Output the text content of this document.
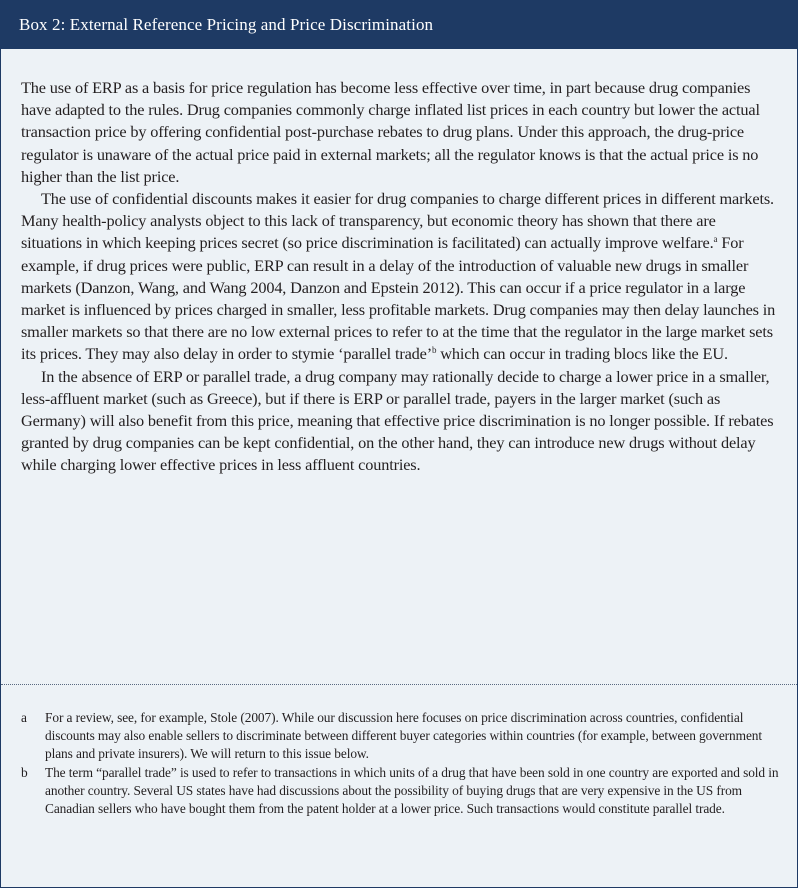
Box 2: External Reference Pricing and Price Discrimination

The use of ERP as a basis for price regulation has become less effective over time, in part because drug companies have adapted to the rules. Drug companies commonly charge inflated list prices in each country but lower the actual transaction price by offering confidential post-purchase rebates to drug plans. Under this approach, the drug-price regulator is unaware of the actual price paid in external markets; all the regulator knows is that the actual price is no higher than the list price.

The use of confidential discounts makes it easier for drug companies to charge different prices in different markets. Many health-policy analysts object to this lack of transparency, but economic theory has shown that there are situations in which keeping prices secret (so price discrimination is facilitated) can actually improve welfare.$^a$ For example, if drug prices were public, ERP can result in a delay of the introduction of valuable new drugs in smaller markets (Danzon, Wang, and Wang 2004, Danzon and Epstein 2012). This can occur if a price regulator in a large market is influenced by prices charged in smaller, less profitable markets. Drug companies may then delay launches in smaller markets so that there are no low external prices to refer to at the time that the regulator in the large market sets its prices. They may also delay in order to stymie ‘parallel trade’$^b$ which can occur in trading blocs like the EU.

In the absence of ERP or parallel trade, a drug company may rationally decide to charge a lower price in a smaller, less-affluent market (such as Greece), but if there is ERP or parallel trade, payers in the larger market (such as Germany) will also benefit from this price, meaning that effective price discrimination is no longer possible. If rebates granted by drug companies can be kept confidential, on the other hand, they can introduce new drugs without delay while charging lower effective prices in less affluent countries.

a	For a review, see, for example, Stole (2007). While our discussion here focuses on price discrimination across countries, confidential discounts may also enable sellers to discriminate between different buyer categories within countries (for example, between government plans and private insurers). We will return to this issue below.
b	The term “parallel trade” is used to refer to transactions in which units of a drug that have been sold in one country are exported and sold in another country. Several US states have had discussions about the possibility of buying drugs that are very expensive in the US from Canadian sellers who have bought them from the patent holder at a lower price. Such transactions would constitute parallel trade.
